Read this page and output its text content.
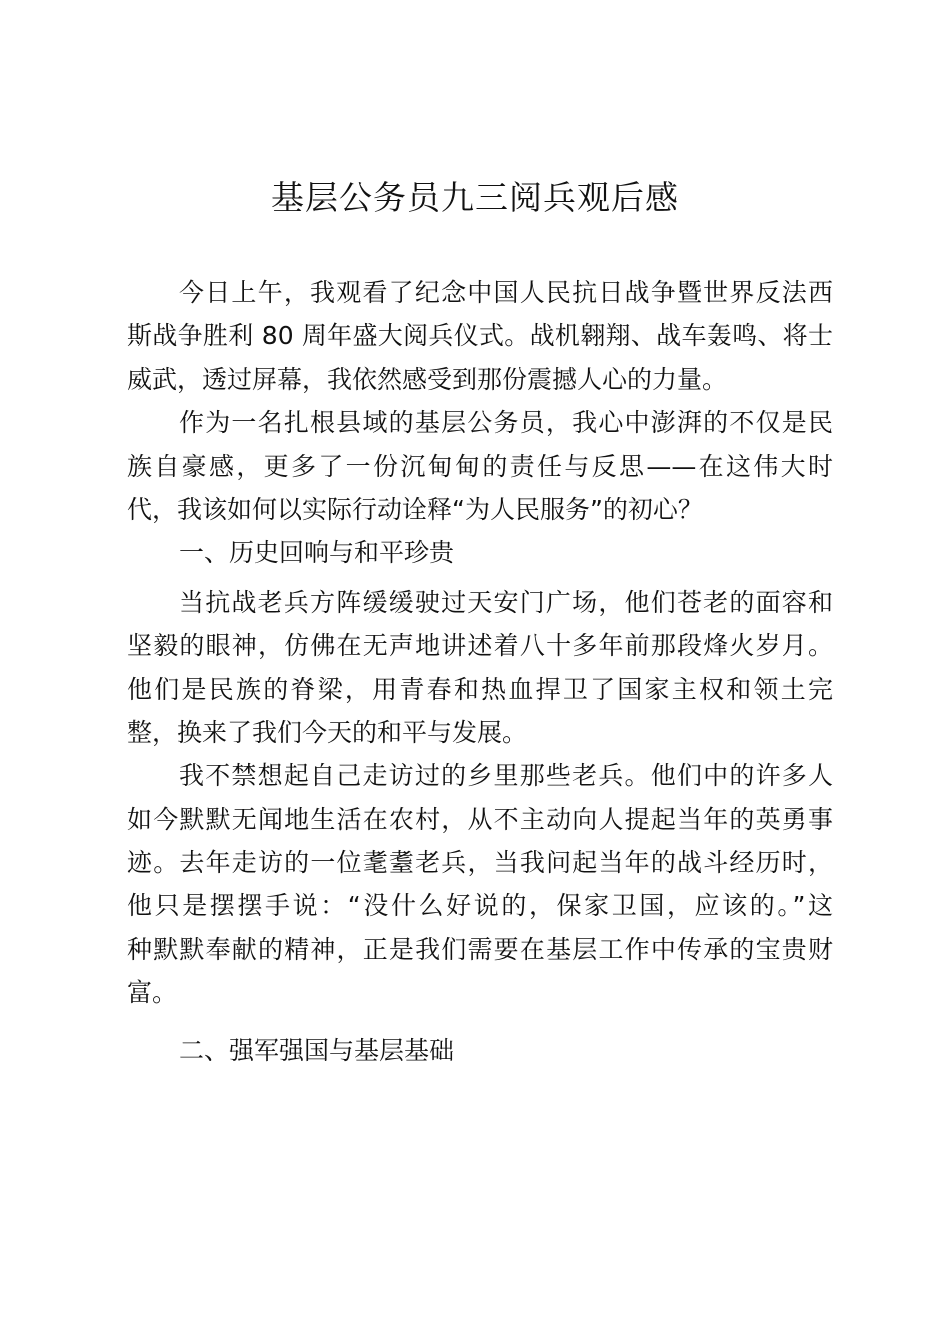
基层公务员九三阅兵观后感
今日上午，我观看了纪念中国人民抗日战争暨世界反法西
斯战争胜利 80 周年盛大阅兵仪式。战机翱翔、战车轰鸣、将士
威武，透过屏幕，我依然感受到那份震撼人心的力量。
作为一名扎根县域的基层公务员，我心中澎湃的不仅是民
族自豪感，更多了一份沉甸甸的责任与反思——在这伟大时
代，我该如何以实际行动诠释“为人民服务”的初心？
一、历史回响与和平珍贵
当抗战老兵方阵缓缓驶过天安门广场，他们苍老的面容和
坚毅的眼神，仿佛在无声地讲述着八十多年前那段烽火岁月。
他们是民族的脊梁，用青春和热血捍卫了国家主权和领土完
整，换来了我们今天的和平与发展。
我不禁想起自己走访过的乡里那些老兵。他们中的许多人
如今默默无闻地生活在农村，从不主动向人提起当年的英勇事
迹。去年走访的一位耄耋老兵，当我问起当年的战斗经历时，
他只是摆摆手说：“没什么好说的，保家卫国，应该的。”这
种默默奉献的精神，正是我们需要在基层工作中传承的宝贵财
富。
二、强军强国与基层基础
